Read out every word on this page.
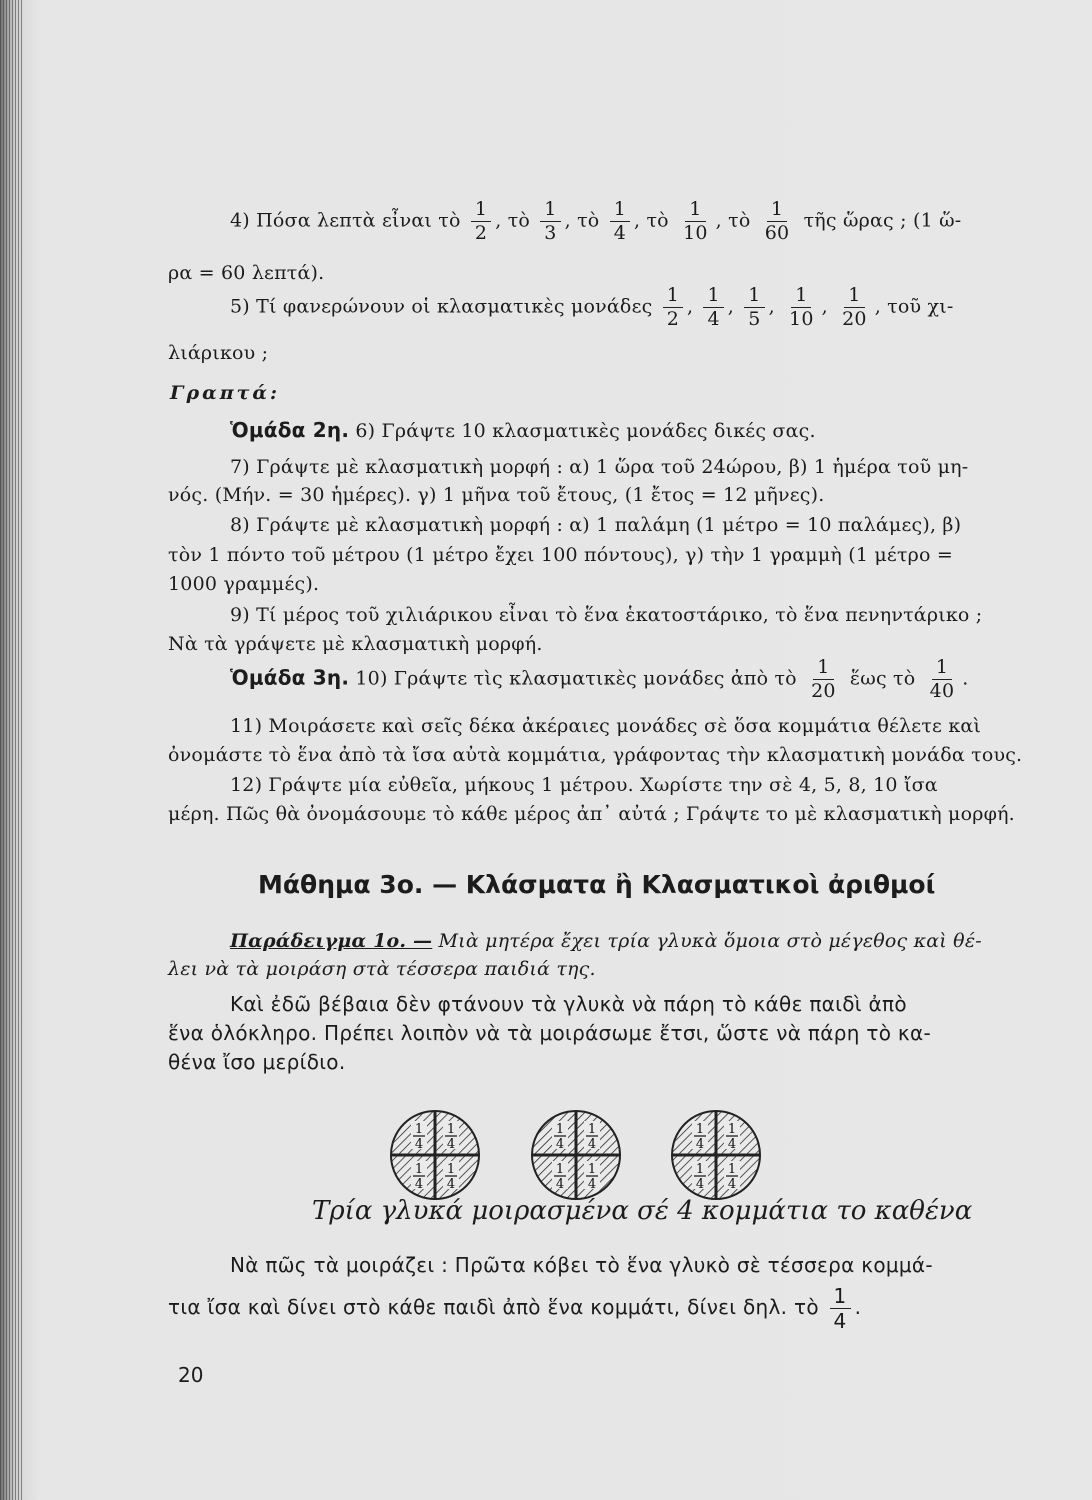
4) Πόσα λεπτὰ εἶναι τὸ $\frac{1}{2}$ , τὸ $\frac{1}{3}$ , τὸ $\frac{1}{4}$ , τὸ $\frac{1}{10}$ , τὸ $\frac{1}{60}$ τῆς ὥρας ; (1 ὥ-
ρα = 60 λεπτά).
5) Τί φανερώνουν οἱ κλασματικὲς μονάδες $\frac{1}{2}$ , $\frac{1}{4}$ , $\frac{1}{5}$ , $\frac{1}{10}$ , $\frac{1}{20}$ , τοῦ χι-
λιάρικου ;
Γραπτά:
Ὁμάδα 2η. 6) Γράψτε 10 κλασματικὲς μονάδες δικές σας.
7) Γράψτε μὲ κλασματικὴ μορφή : α) 1 ὥρα τοῦ 24ώρου, β) 1 ἡμέρα τοῦ μη-
νός. (Μήν. = 30 ἡμέρες). γ) 1 μῆνα τοῦ ἔτους, (1 ἔτος = 12 μῆνες).
8) Γράψτε μὲ κλασματικὴ μορφή : α) 1 παλάμη (1 μέτρο = 10 παλάμες), β)
τὸν 1 πόντο τοῦ μέτρου (1 μέτρο ἔχει 100 πόντους), γ) τὴν 1 γραμμὴ (1 μέτρο =
1000 γραμμές).
9) Τί μέρος τοῦ χιλιάρικου εἶναι τὸ ἕνα ἑκατοστάρικο, τὸ ἕνα πενηντάρικο ;
Νὰ τὰ γράψετε μὲ κλασματικὴ μορφή.
Ὁμάδα 3η. 10) Γράψτε τὶς κλασματικὲς μονάδες ἀπὸ τὸ $\frac{1}{20}$ ἕως τὸ $\frac{1}{40}$ .
11) Μοιράσετε καὶ σεῖς δέκα ἀκέραιες μονάδες σὲ ὅσα κομμάτια θέλετε καὶ
ὀνομάστε τὸ ἕνα ἀπὸ τὰ ἴσα αὐτὰ κομμάτια, γράφοντας τὴν κλασματικὴ μονάδα τους.
12) Γράψτε μία εὐθεῖα, μήκους 1 μέτρου. Χωρίστε την σὲ 4, 5, 8, 10 ἴσα
μέρη. Πῶς θὰ ὀνομάσουμε τὸ κάθε μέρος ἀπ᾿ αὐτά ; Γράψτε το μὲ κλασματικὴ μορφή.
Μάθημα 3ο. — Κλάσματα ἢ Κλασματικοὶ ἀριθμοί
Παράδειγμα 1ο. — Μιὰ μητέρα ἔχει τρία γλυκὰ ὅμοια στὸ μέγεθος καὶ θέ-
λει νὰ τὰ μοιράση στὰ τέσσερα παιδιά της.
Καὶ ἐδῶ βέβαια δὲν φτάνουν τὰ γλυκὰ νὰ πάρη τὸ κάθε παιδὶ ἀπὸ
ἕνα ὁλόκληρο. Πρέπει λοιπὸν νὰ τὰ μοιράσωμε ἔτσι, ὥστε νὰ πάρη τὸ κα-
θένα ἴσο μερίδιο.
1
4
1
4
1
4
1
4
1
4
1
4
1
4
1
4
1
4
1
4
1
4
1
4
Τρία γλυκά μοιρασμένα σέ 4 κομμάτια το καθένα
Νὰ πῶς τὰ μοιράζει : Πρῶτα κόβει τὸ ἕνα γλυκὸ σὲ τέσσερα κομμά-
τια ἴσα καὶ δίνει στὸ κάθε παιδὶ ἀπὸ ἕνα κομμάτι, δίνει δηλ. τὸ $\frac{1}{4}$ .
20
